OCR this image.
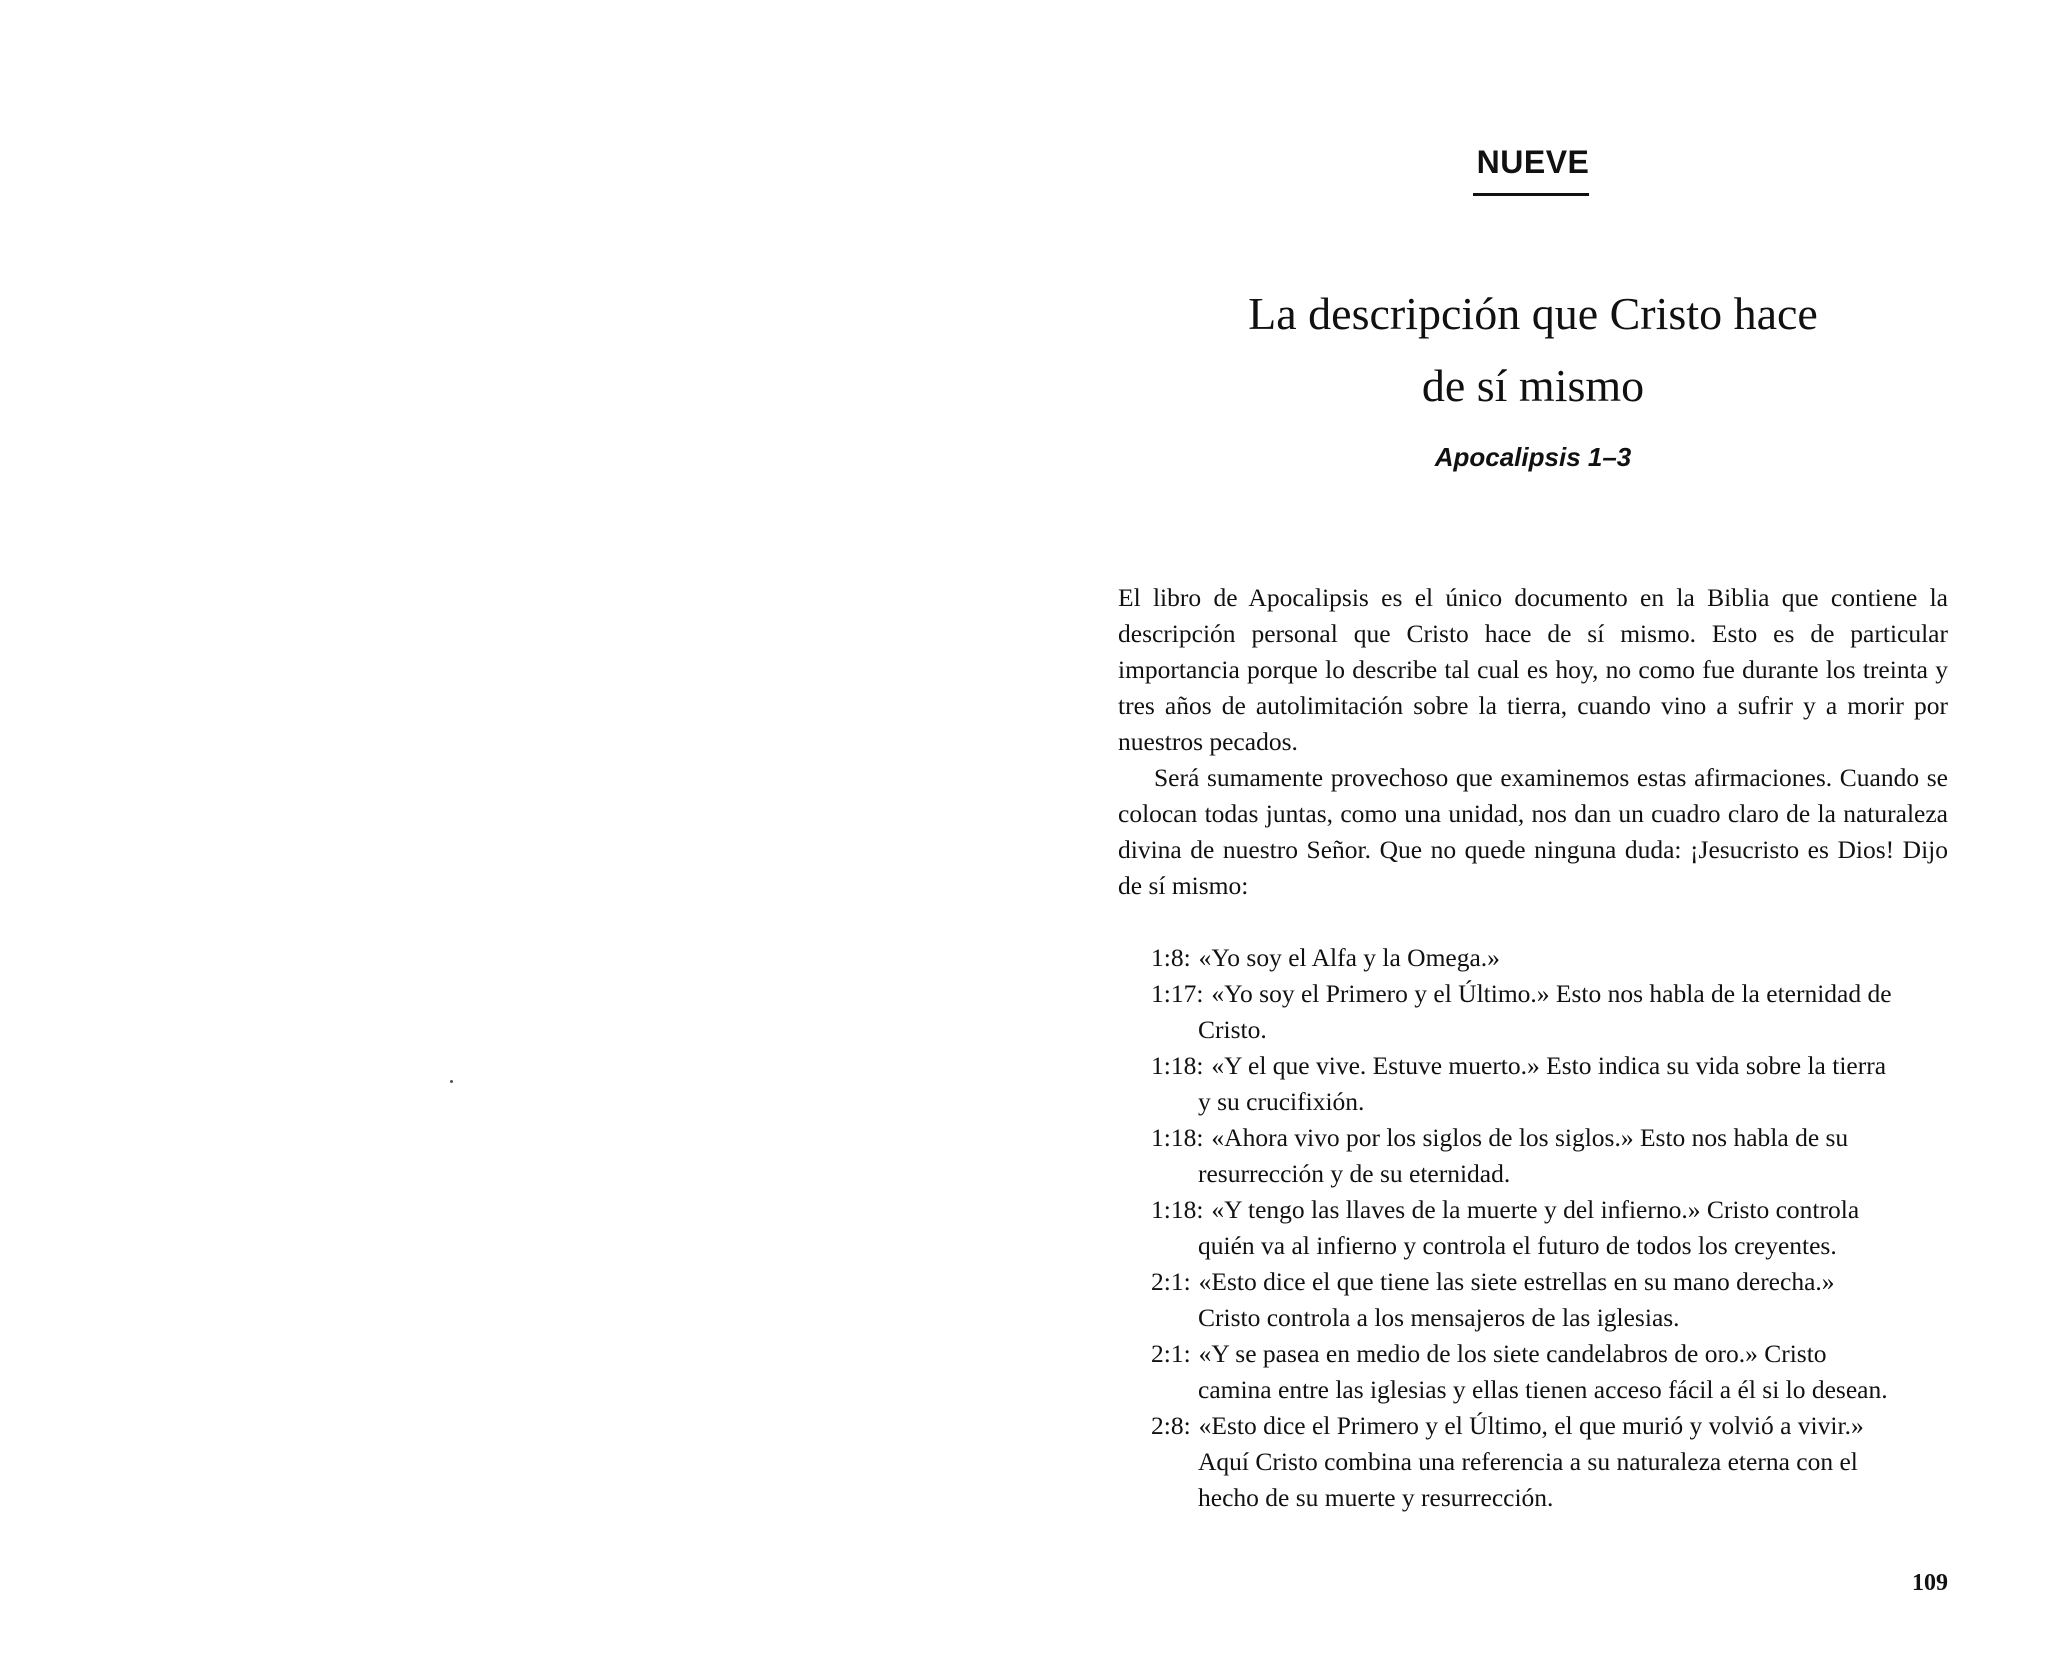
NUEVE
La descripción que Cristo hace de sí mismo
Apocalipsis 1–3

El libro de Apocalipsis es el único documento en la Biblia que contiene la descripción personal que Cristo hace de sí mismo. Esto es de particular importancia porque lo describe tal cual es hoy, no como fue durante los treinta y tres años de autolimitación sobre la tierra, cuando vino a sufrir y a morir por nuestros pecados.

Será sumamente provechoso que examinemos estas afirmaciones. Cuando se colocan todas juntas, como una unidad, nos dan un cuadro claro de la naturaleza divina de nuestro Señor. Que no quede ninguna duda: ¡Jesucristo es Dios! Dijo de sí mismo:

1:8: «Yo soy el Alfa y la Omega.»
1:17: «Yo soy el Primero y el Último.» Esto nos habla de la eternidad de Cristo.
1:18: «Y el que vive. Estuve muerto.» Esto indica su vida sobre la tierra y su crucifixión.
1:18: «Ahora vivo por los siglos de los siglos.» Esto nos habla de su resurrección y de su eternidad.
1:18: «Y tengo las llaves de la muerte y del infierno.» Cristo controla quién va al infierno y controla el futuro de todos los creyentes.
2:1: «Esto dice el que tiene las siete estrellas en su mano derecha.» Cristo controla a los mensajeros de las iglesias.
2:1: «Y se pasea en medio de los siete candelabros de oro.» Cristo camina entre las iglesias y ellas tienen acceso fácil a él si lo desean.
2:8: «Esto dice el Primero y el Último, el que murió y volvió a vivir.» Aquí Cristo combina una referencia a su naturaleza eterna con el hecho de su muerte y resurrección.
109
